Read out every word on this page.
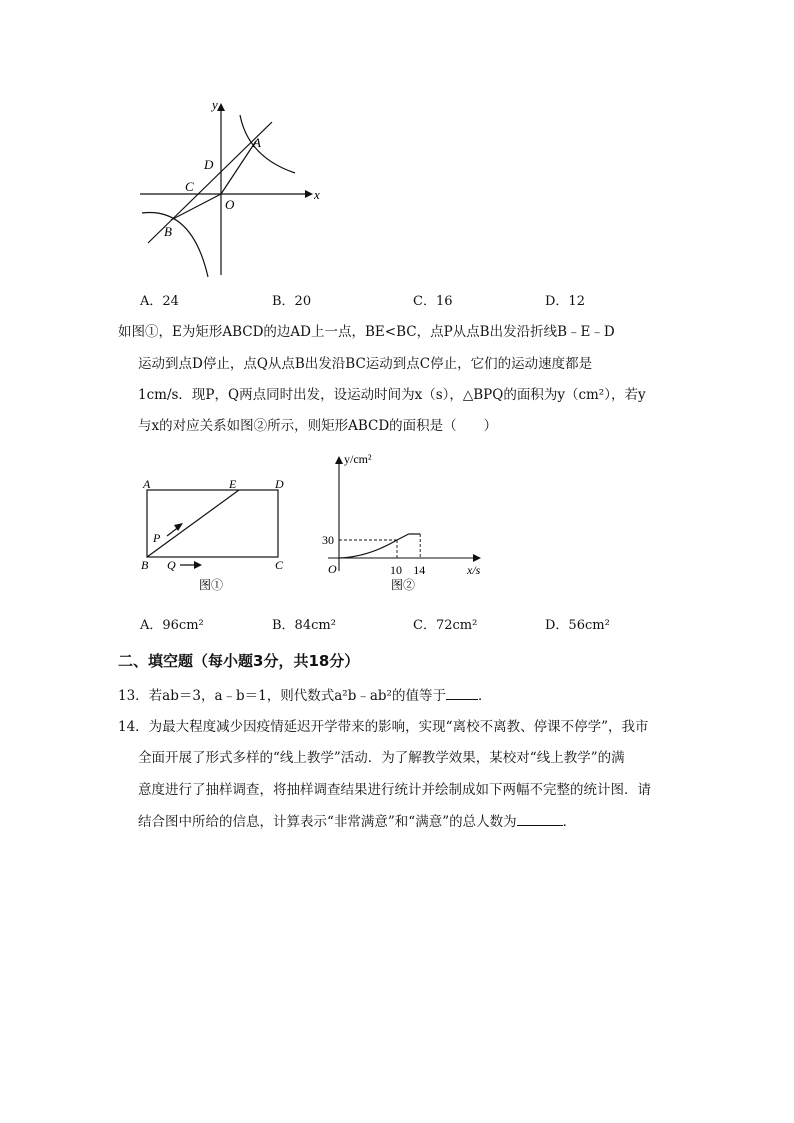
y
x
A
D
C
O
B
A．24	B．20	C．16	D．12
如图①，E为矩形ABCD的边AD上一点，BE<BC，点P从点B出发沿折线B﹣E﹣D
运动到点D停止，点Q从点B出发沿BC运动到点C停止，它们的运动速度都是
1cm/s．现P，Q两点同时出发，设运动时间为x（s），△BPQ的面积为y（cm²），若y
与x的对应关系如图②所示，则矩形ABCD的面积是（　　）
A	E	D
P
B Q	C
图①
y/cm²
30
O	10 14	x/s
图②
A．96cm²	B．84cm²	C．72cm²	D．56cm²
二、填空题（每小题3分，共18分）
13．若ab＝3，a﹣b＝1，则代数式a²b﹣ab²的值等于 ．
14．为最大程度减少因疫情延迟开学带来的影响，实现“离校不离教、停课不停学”，我市
全面开展了形式多样的“线上教学”活动．为了解教学效果，某校对“线上教学”的满
意度进行了抽样调查，将抽样调查结果进行统计并绘制成如下两幅不完整的统计图．请
结合图中所给的信息，计算表示“非常满意”和“满意”的总人数为	．
